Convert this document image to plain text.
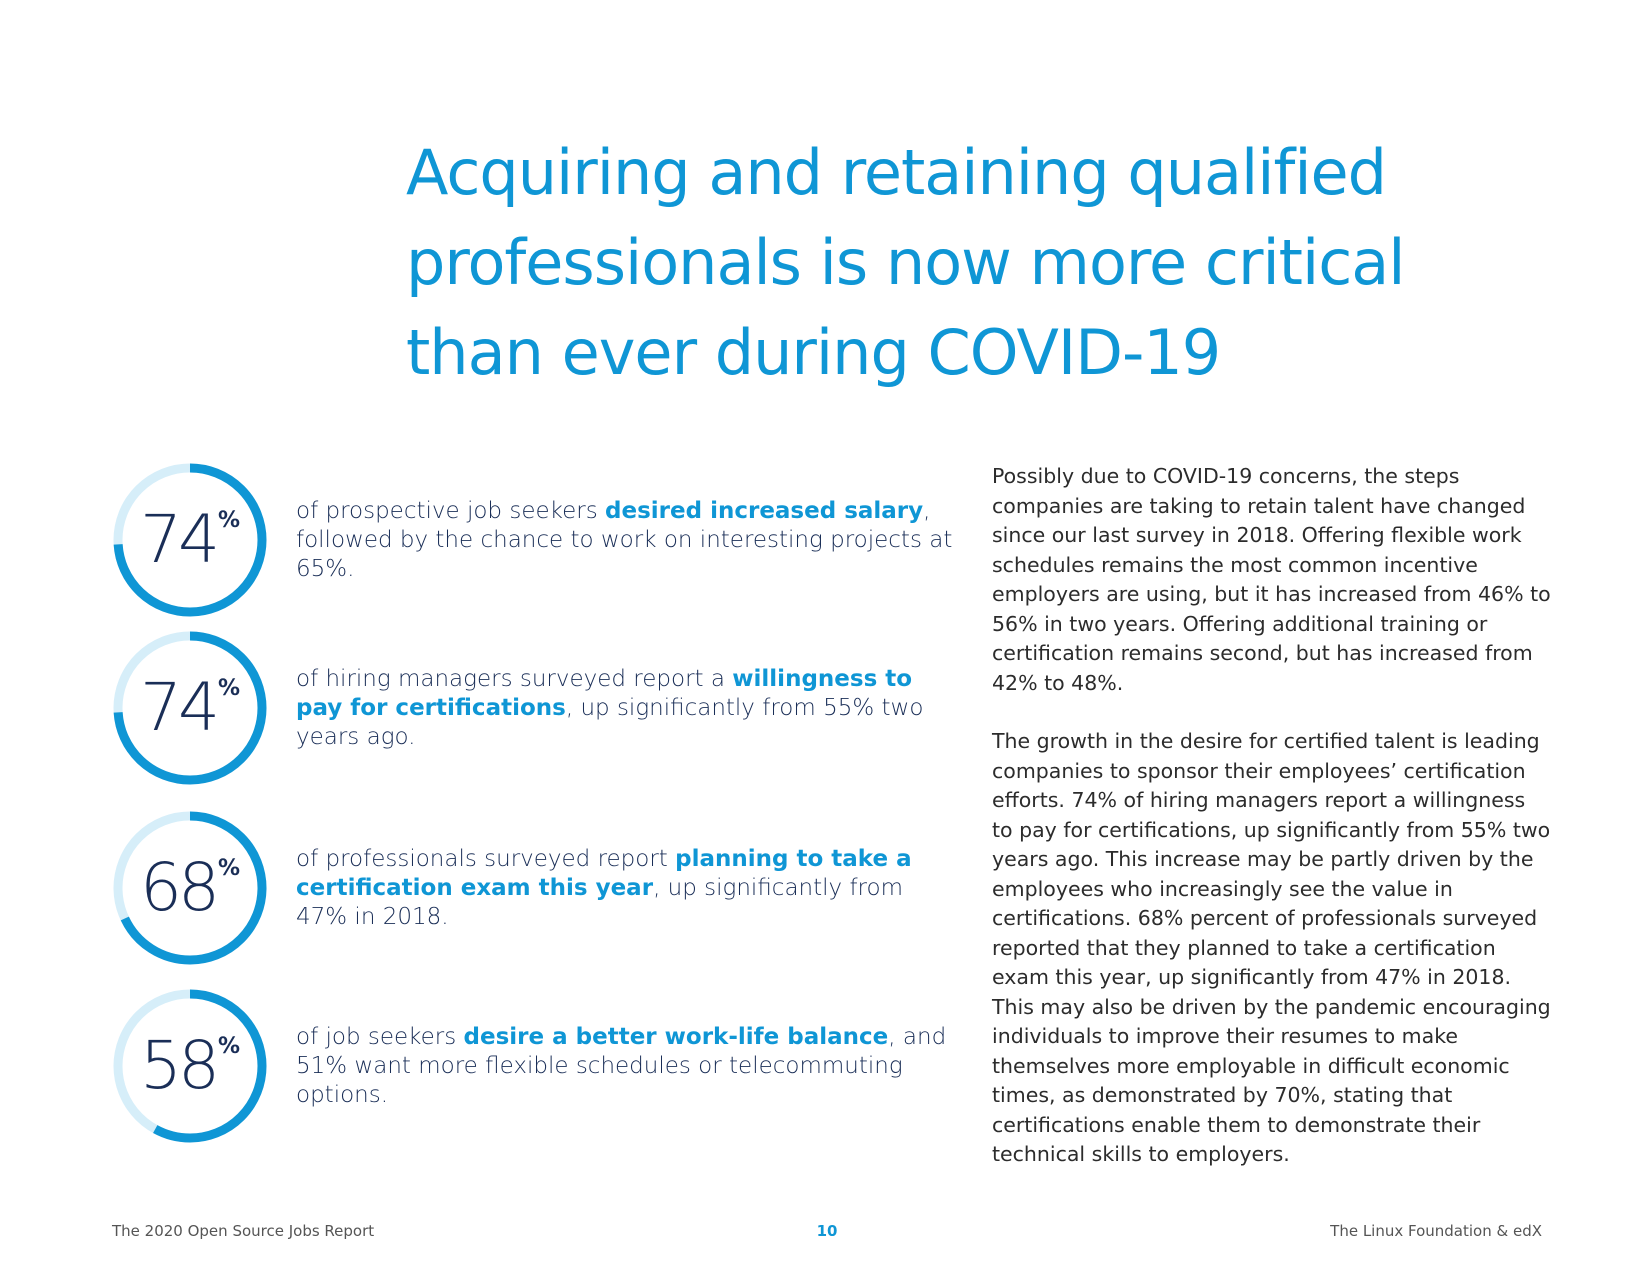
Acquiring and retaining qualified
professionals is now more critical
than ever during COVID-19
74 % of prospective job seekers desired increased salary, followed by the chance to work on interesting projects at 65%.

74 % of hiring managers surveyed report a willingness to pay for certifications, up significantly from 55% two years ago.

68 % of professionals surveyed report planning to take a certification exam this year, up significantly from 47% in 2018.

58 % of job seekers desire a better work-life balance, and 51% want more flexible schedules or telecommuting options.

Possibly due to COVID-19 concerns, the steps companies are taking to retain talent have changed since our last survey in 2018. Offering flexible work schedules remains the most common incentive employers are using, but it has increased from 46% to 56% in two years. Offering additional training or certification remains second, but has increased from 42% to 48%.

The growth in the desire for certified talent is leading companies to sponsor their employees’ certification efforts. 74% of hiring managers report a willingness to pay for certifications, up significantly from 55% two years ago. This increase may be partly driven by the employees who increasingly see the value in certifications. 68% percent of professionals surveyed reported that they planned to take a certification exam this year, up significantly from 47% in 2018. This may also be driven by the pandemic encouraging individuals to improve their resumes to make themselves more employable in difficult economic times, as demonstrated by 70%, stating that certifications enable them to demonstrate their technical skills to employers.

The 2020 Open Source Jobs Report	10	The Linux Foundation & edX
